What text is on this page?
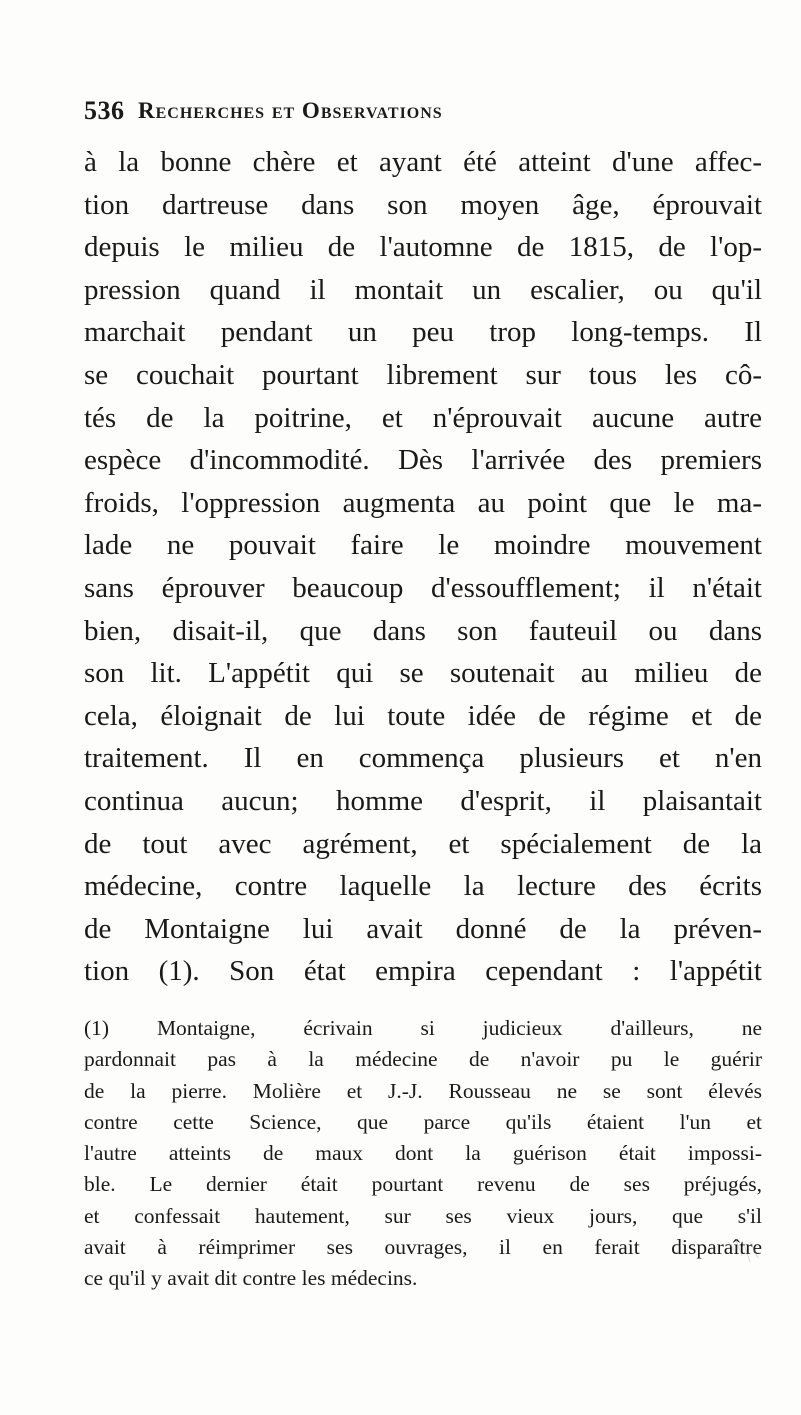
536 Recherches et Observations
à la bonne chère et ayant été atteint d'une affec-
tion dartreuse dans son moyen âge, éprouvait
depuis le milieu de l'automne de 1815, de l'op-
pression quand il montait un escalier, ou qu'il
marchait pendant un peu trop long-temps. Il
se couchait pourtant librement sur tous les cô-
tés de la poitrine, et n'éprouvait aucune autre
espèce d'incommodité. Dès l'arrivée des premiers
froids, l'oppression augmenta au point que le ma-
lade ne pouvait faire le moindre mouvement
sans éprouver beaucoup d'essoufflement; il n'était
bien, disait-il, que dans son fauteuil ou dans
son lit. L'appétit qui se soutenait au milieu de
cela, éloignait de lui toute idée de régime et de
traitement. Il en commença plusieurs et n'en
continua aucun; homme d'esprit, il plaisantait
de tout avec agrément, et spécialement de la
médecine, contre laquelle la lecture des écrits
de Montaigne lui avait donné de la préven-
tion (1). Son état empira cependant : l'appétit
(1) Montaigne, écrivain si judicieux d'ailleurs, ne
pardonnait pas à la médecine de n'avoir pu le guérir
de la pierre. Molière et J.-J. Rousseau ne se sont élevés
contre cette Science, que parce qu'ils étaient l'un et
l'autre atteints de maux dont la guérison était impossi-
ble. Le dernier était pourtant revenu de ses préjugés,
et confessait hautement, sur ses vieux jours, que s'il
avait à réimprimer ses ouvrages, il en ferait disparaître
ce qu'il y avait dit contre les médecins.
